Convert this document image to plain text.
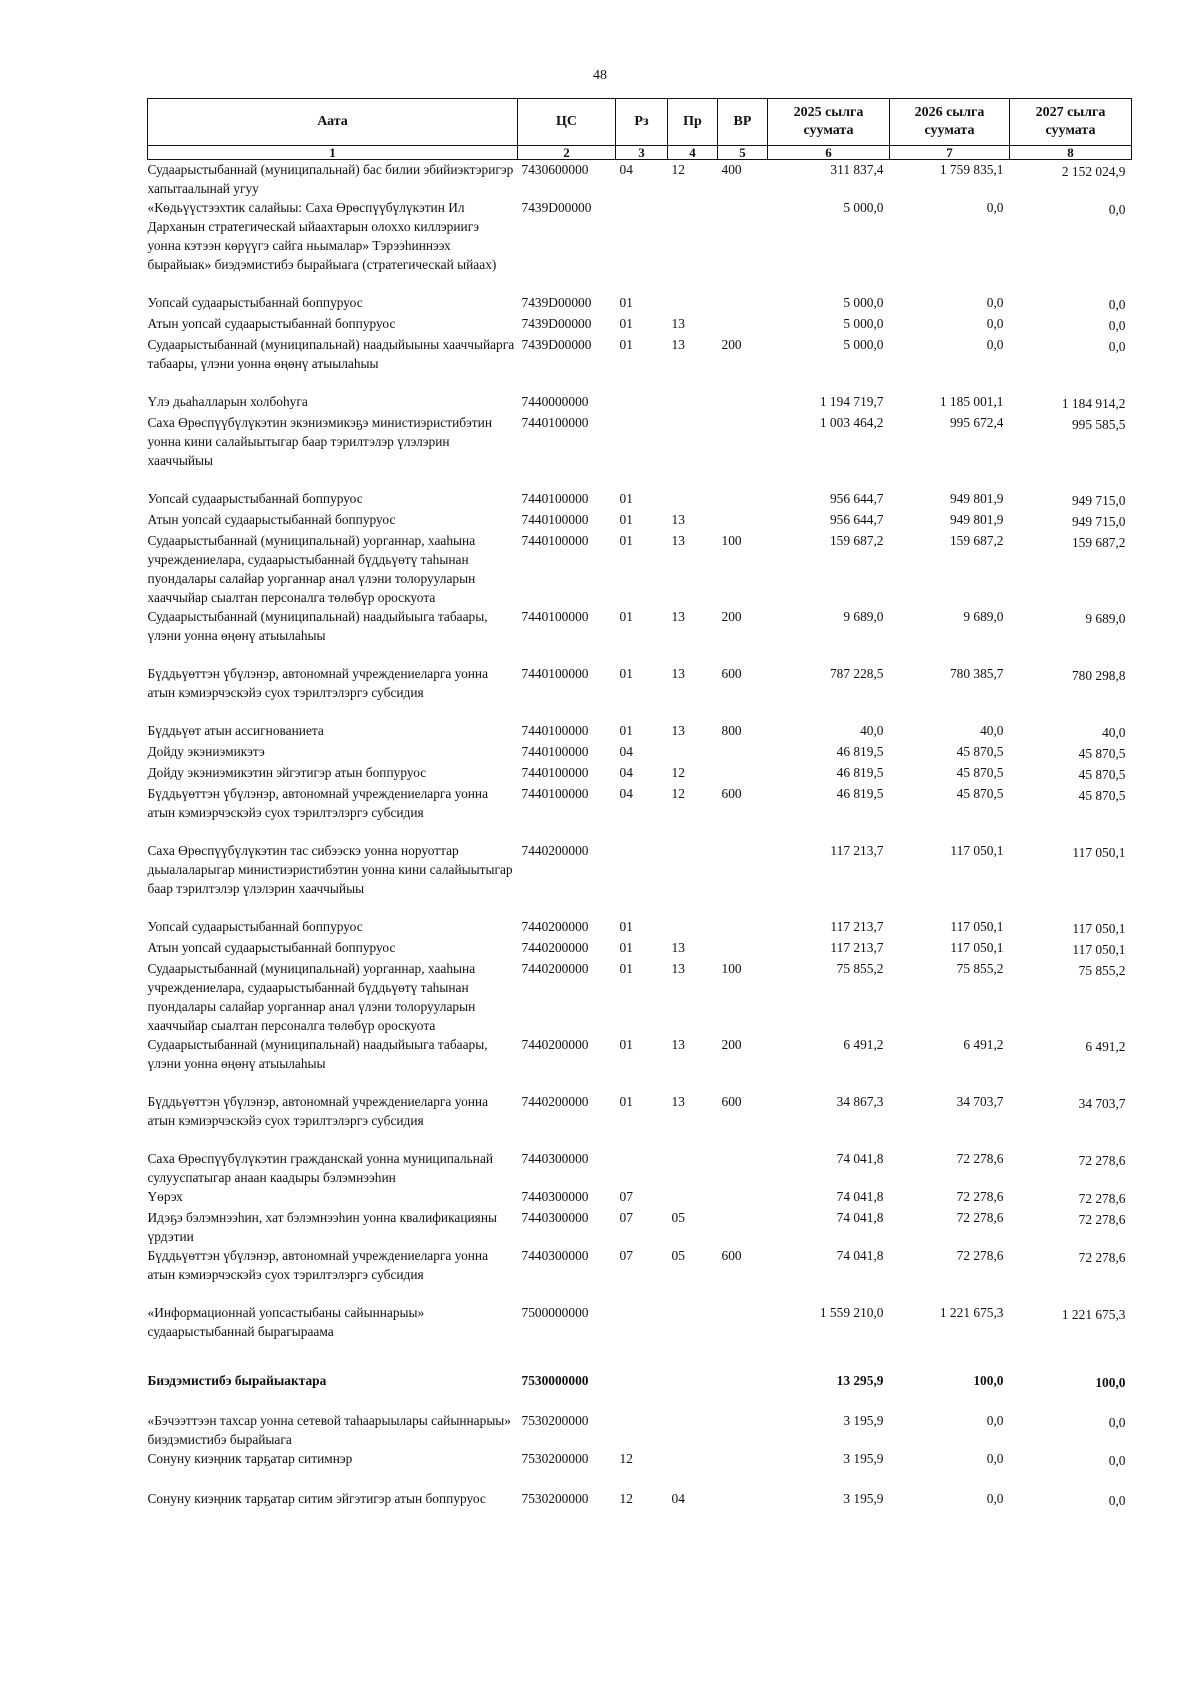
48
Аата	ЦС	Рз	Пр	ВР	2025 сылга суумата	2026 сылга суумата	2027 сылга суумата
1	2	3	4	5	6	7	8
Судаарыстыбаннай (муниципальнай) бас билии эбийиэктэригэр хапытаалынай угуу	7430600000	04	12	400	311 837,4	1 759 835,1	2 152 024,9
«Көдьүүстээхтик салайыы: Саха Өрөспүүбүлүкэтин Ил Дарханын стратегическай ыйаахтарын олоххо киллэриигэ уонна кэтээн көрүүгэ сайга ньымалар» Тэрээһиннээх бырайыак» биэдэмистибэ бырайыага (стратегическай ыйаах)	7439D00000				5 000,0	0,0	0,0
Уопсай судаарыстыбаннай боппуруос	7439D00000	01			5 000,0	0,0	0,0
Атын уопсай судаарыстыбаннай боппуруос	7439D00000	01	13		5 000,0	0,0	0,0
Судаарыстыбаннай (муниципальнай) наадыйыыны хааччыйарга табаары, үлэни уонна өңөнү атыылаһыы	7439D00000	01	13	200	5 000,0	0,0	0,0
Үлэ дьаһалларын холбоһуга	7440000000				1 194 719,7	1 185 001,1	1 184 914,2
Саха Өрөспүүбүлүкэтин экэниэмикэҕэ министиэристибэтин уонна кини салайыытыгар баар тэрилтэлэр үлэлэрин хааччыйыы	7440100000				1 003 464,2	995 672,4	995 585,5
Уопсай судаарыстыбаннай боппуруос	7440100000	01			956 644,7	949 801,9	949 715,0
Атын уопсай судаарыстыбаннай боппуруос	7440100000	01	13		956 644,7	949 801,9	949 715,0
Судаарыстыбаннай (муниципальнай) уорганнар, хааһына учреждениелара, судаарыстыбаннай бүддьүөтү таһынан пуондалары салайар уорганнар анал үлэни толорууларын хааччыйар сыалтан персоналга төлөбүр ороскуота	7440100000	01	13	100	159 687,2	159 687,2	159 687,2
Судаарыстыбаннай (муниципальнай) наадыйыыга табаары, үлэни уонна өңөнү атыылаһыы	7440100000	01	13	200	9 689,0	9 689,0	9 689,0
Бүддьүөттэн үбүлэнэр, автономнай учреждениеларга уонна атын кэмиэрчэскэйэ суох тэрилтэлэргэ субсидия	7440100000	01	13	600	787 228,5	780 385,7	780 298,8
Бүддьүөт атын ассигнованиета	7440100000	01	13	800	40,0	40,0	40,0
Дойду экэниэмикэтэ	7440100000	04			46 819,5	45 870,5	45 870,5
Дойду экэниэмикэтин эйгэтигэр атын боппуруос	7440100000	04	12		46 819,5	45 870,5	45 870,5
Бүддьүөттэн үбүлэнэр, автономнай учреждениеларга уонна атын кэмиэрчэскэйэ суох тэрилтэлэргэ субсидия	7440100000	04	12	600	46 819,5	45 870,5	45 870,5
Саха Өрөспүүбүлүкэтин тас сибээскэ уонна норуоттар дьыалаларыгар министиэристибэтин уонна кини салайыытыгар баар тэрилтэлэр үлэлэрин хааччыйыы	7440200000				117 213,7	117 050,1	117 050,1
Уопсай судаарыстыбаннай боппуруос	7440200000	01			117 213,7	117 050,1	117 050,1
Атын уопсай судаарыстыбаннай боппуруос	7440200000	01	13		117 213,7	117 050,1	117 050,1
Судаарыстыбаннай (муниципальнай) уорганнар, хааһына учреждениелара, судаарыстыбаннай бүддьүөтү таһынан пуондалары салайар уорганнар анал үлэни толорууларын хааччыйар сыалтан персоналга төлөбүр ороскуота	7440200000	01	13	100	75 855,2	75 855,2	75 855,2
Судаарыстыбаннай (муниципальнай) наадыйыыга табаары, үлэни уонна өңөнү атыылаһыы	7440200000	01	13	200	6 491,2	6 491,2	6 491,2
Бүддьүөттэн үбүлэнэр, автономнай учреждениеларга уонна атын кэмиэрчэскэйэ суох тэрилтэлэргэ субсидия	7440200000	01	13	600	34 867,3	34 703,7	34 703,7
Саха Өрөспүүбүлүкэтин гражданскай уонна муниципальнай сулууспатыгар анаан каадыры бэлэмнээһин	7440300000				74 041,8	72 278,6	72 278,6
Үөрэх	7440300000	07			74 041,8	72 278,6	72 278,6
Идэҕэ бэлэмнээһин, хат бэлэмнээһин уонна квалификацияны үрдэтии	7440300000	07	05		74 041,8	72 278,6	72 278,6
Бүддьүөттэн үбүлэнэр, автономнай учреждениеларга уонна атын кэмиэрчэскэйэ суох тэрилтэлэргэ субсидия	7440300000	07	05	600	74 041,8	72 278,6	72 278,6
«Информационнай уопсастыбаны сайыннарыы» судаарыстыбаннай бырагыраама	7500000000				1 559 210,0	1 221 675,3	1 221 675,3
Биэдэмистибэ бырайыактара	7530000000				13 295,9	100,0	100,0
«Бэчээттээн тахсар уонна сетевой таһаарыылары сайыннарыы» биэдэмистибэ бырайыага	7530200000				3 195,9	0,0	0,0
Сонуну киэңник тарҕатар ситимнэр	7530200000	12			3 195,9	0,0	0,0
Сонуну киэңник тарҕатар ситим эйгэтигэр атын боппуруос	7530200000	12	04		3 195,9	0,0	0,0
